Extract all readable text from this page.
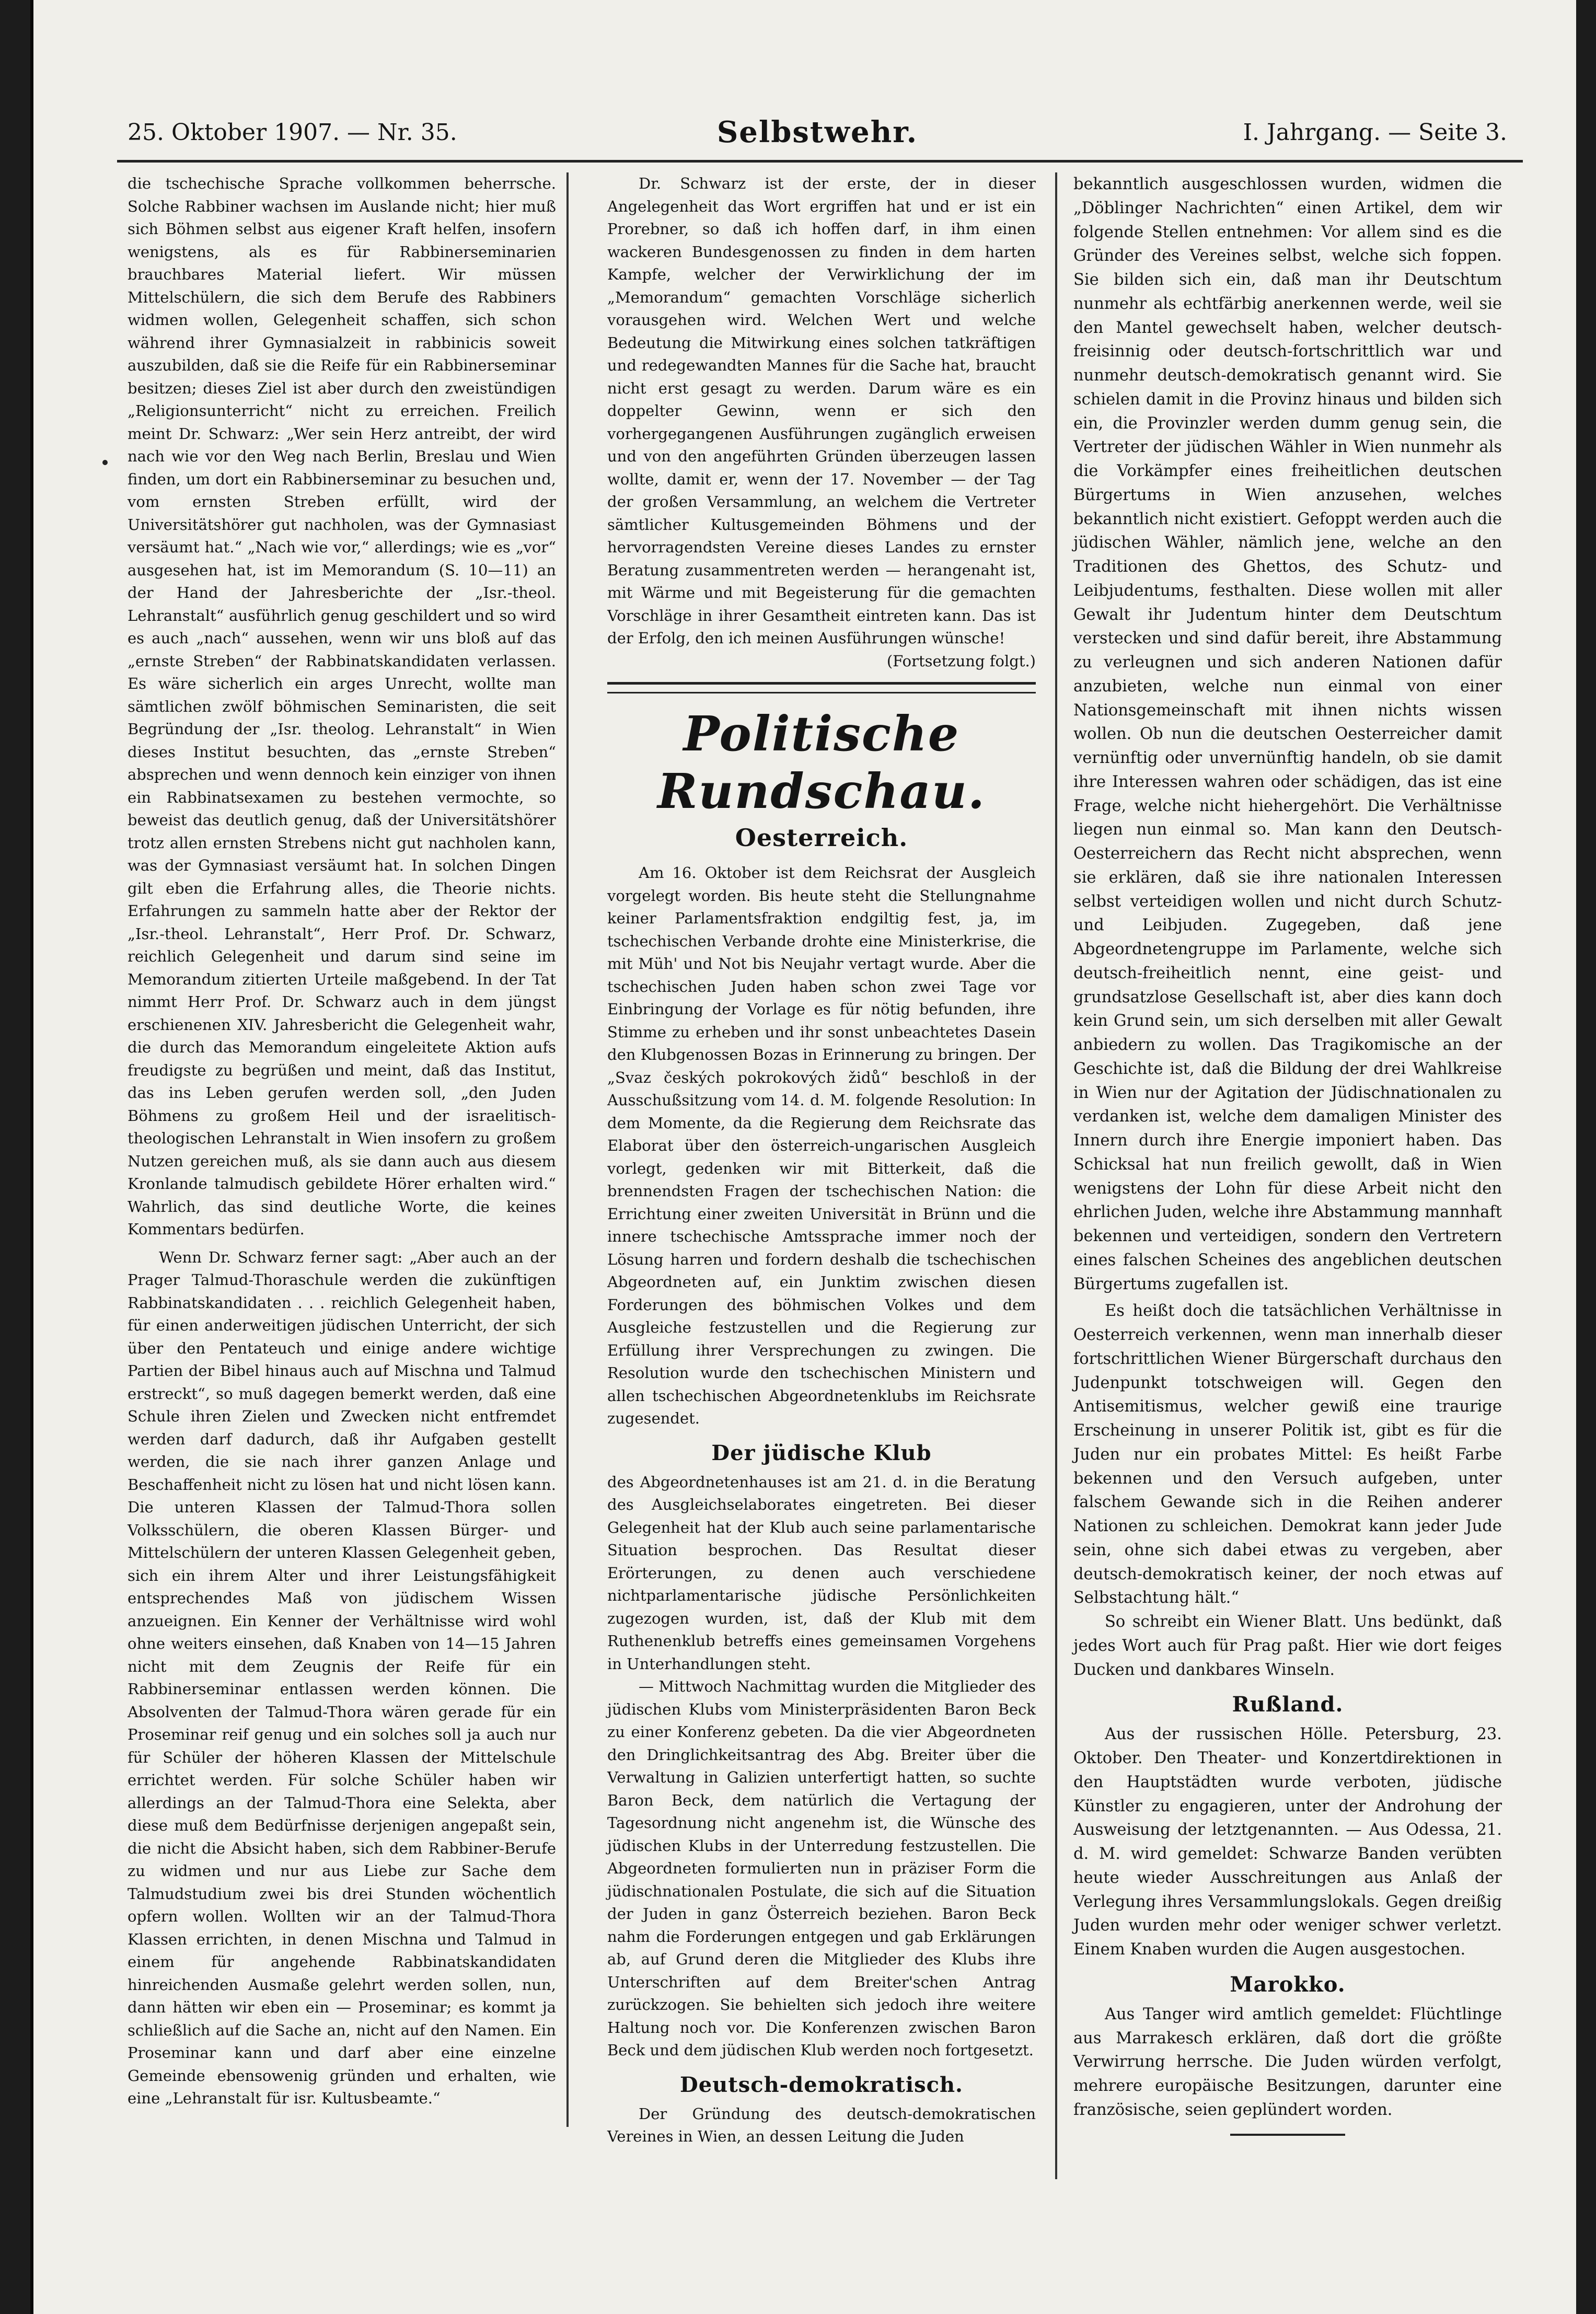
25. Oktober 1907. — Nr. 35.	Selbstwehr.	I. Jahrgang. — Seite 3.

die tschechische Sprache vollkommen beherrsche. Solche Rabbiner wachsen im Auslande nicht; hier muß sich Böhmen selbst aus eigener Kraft helfen, insofern wenigstens, als es für Rabbinerseminarien brauchbares Material liefert. Wir müssen Mittelschülern, die sich dem Berufe des Rabbiners widmen wollen, Gelegenheit schaffen, sich schon während ihrer Gymnasialzeit in rabbinicis soweit auszubilden, daß sie die Reife für ein Rabbinerseminar besitzen; dieses Ziel ist aber durch den zweistündigen „Religionsunterricht“ nicht zu erreichen. Freilich meint Dr. Schwarz: „Wer sein Herz antreibt, der wird nach wie vor den Weg nach Berlin, Breslau und Wien finden, um dort ein Rabbinerseminar zu besuchen und, vom ernsten Streben erfüllt, wird der Universitätshörer gut nachholen, was der Gymnasiast versäumt hat.“ „Nach wie vor,“ allerdings; wie es „vor“ ausgesehen hat, ist im Memorandum (S. 10—11) an der Hand der Jahresberichte der „Isr.-theol. Lehranstalt“ ausführlich genug geschildert und so wird es auch „nach“ aussehen, wenn wir uns bloß auf das „ernste Streben“ der Rabbinatskandidaten verlassen. Es wäre sicherlich ein arges Unrecht, wollte man sämtlichen zwölf böhmischen Seminaristen, die seit Begründung der „Isr. theolog. Lehranstalt“ in Wien dieses Institut besuchten, das „ernste Streben“ absprechen und wenn dennoch kein einziger von ihnen ein Rabbinatsexamen zu bestehen vermochte, so beweist das deutlich genug, daß der Universitätshörer trotz allen ernsten Strebens nicht gut nachholen kann, was der Gymnasiast versäumt hat. In solchen Dingen gilt eben die Erfahrung alles, die Theorie nichts. Erfahrungen zu sammeln hatte aber der Rektor der „Isr.-theol. Lehranstalt“, Herr Prof. Dr. Schwarz, reichlich Gelegenheit und darum sind seine im Memorandum zitierten Urteile maßgebend. In der Tat nimmt Herr Prof. Dr. Schwarz auch in dem jüngst erschienenen XIV. Jahresbericht die Gelegenheit wahr, die durch das Memorandum eingeleitete Aktion aufs freudigste zu begrüßen und meint, daß das Institut, das ins Leben gerufen werden soll, „den Juden Böhmens zu großem Heil und der israelitisch-theologischen Lehranstalt in Wien insofern zu großem Nutzen gereichen muß, als sie dann auch aus diesem Kronlande talmudisch gebildete Hörer erhalten wird.“ Wahrlich, das sind deutliche Worte, die keines Kommentars bedürfen.

Wenn Dr. Schwarz ferner sagt: „Aber auch an der Prager Talmud-Thoraschule werden die zukünftigen Rabbinatskandidaten . . . reichlich Gelegenheit haben, für einen anderweitigen jüdischen Unterricht, der sich über den Pentateuch und einige andere wichtige Partien der Bibel hinaus auch auf Mischna und Talmud erstreckt“, so muß dagegen bemerkt werden, daß eine Schule ihren Zielen und Zwecken nicht entfremdet werden darf dadurch, daß ihr Aufgaben gestellt werden, die sie nach ihrer ganzen Anlage und Beschaffenheit nicht zu lösen hat und nicht lösen kann. Die unteren Klassen der Talmud-Thora sollen Volksschülern, die oberen Klassen Bürger- und Mittelschülern der unteren Klassen Gelegenheit geben, sich ein ihrem Alter und ihrer Leistungsfähigkeit entsprechendes Maß von jüdischem Wissen anzueignen. Ein Kenner der Verhältnisse wird wohl ohne weiters einsehen, daß Knaben von 14—15 Jahren nicht mit dem Zeugnis der Reife für ein Rabbinerseminar entlassen werden können. Die Absolventen der Talmud-Thora wären gerade für ein Proseminar reif genug und ein solches soll ja auch nur für Schüler der höheren Klassen der Mittelschule errichtet werden. Für solche Schüler haben wir allerdings an der Talmud-Thora eine Selekta, aber diese muß dem Bedürfnisse derjenigen angepaßt sein, die nicht die Absicht haben, sich dem Rabbiner-Berufe zu widmen und nur aus Liebe zur Sache dem Talmudstudium zwei bis drei Stunden wöchentlich opfern wollen. Wollten wir an der Talmud-Thora Klassen errichten, in denen Mischna und Talmud in einem für angehende Rabbinatskandidaten hinreichenden Ausmaße gelehrt werden sollen, nun, dann hätten wir eben ein — Proseminar; es kommt ja schließlich auf die Sache an, nicht auf den Namen. Ein Proseminar kann und darf aber eine einzelne Gemeinde ebensowenig gründen und erhalten, wie eine „Lehranstalt für isr. Kultusbeamte.“

Dr. Schwarz ist der erste, der in dieser Angelegenheit das Wort ergriffen hat und er ist ein Prorebner, so daß ich hoffen darf, in ihm einen wackeren Bundesgenossen zu finden in dem harten Kampfe, welcher der Verwirklichung der im „Memorandum“ gemachten Vorschläge sicherlich vorausgehen wird. Welchen Wert und welche Bedeutung die Mitwirkung eines solchen tatkräftigen und redegewandten Mannes für die Sache hat, braucht nicht erst gesagt zu werden. Darum wäre es ein doppelter Gewinn, wenn er sich den vorhergegangenen Ausführungen zugänglich erweisen und von den angeführten Gründen überzeugen lassen wollte, damit er, wenn der 17. November — der Tag der großen Versammlung, an welchem die Vertreter sämtlicher Kultusgemeinden Böhmens und der hervorragendsten Vereine dieses Landes zu ernster Beratung zusammentreten werden — herangenaht ist, mit Wärme und mit Begeisterung für die gemachten Vorschläge in ihrer Gesamtheit eintreten kann. Das ist der Erfolg, den ich meinen Ausführungen wünsche!

(Fortsetzung folgt.)

Politische Rundschau.
Oesterreich.

Am 16. Oktober ist dem Reichsrat der Ausgleich vorgelegt worden. Bis heute steht die Stellungnahme keiner Parlamentsfraktion endgiltig fest, ja, im tschechischen Verbande drohte eine Ministerkrise, die mit Müh' und Not bis Neujahr vertagt wurde. Aber die tschechischen Juden haben schon zwei Tage vor Einbringung der Vorlage es für nötig befunden, ihre Stimme zu erheben und ihr sonst unbeachtetes Dasein den Klubgenossen Bozas in Erinnerung zu bringen. Der „Svaz českých pokrokových židů“ beschloß in der Ausschußsitzung vom 14. d. M. folgende Resolution: In dem Momente, da die Regierung dem Reichsrate das Elaborat über den österreich-ungarischen Ausgleich vorlegt, gedenken wir mit Bitterkeit, daß die brennendsten Fragen der tschechischen Nation: die Errichtung einer zweiten Universität in Brünn und die innere tschechische Amtssprache immer noch der Lösung harren und fordern deshalb die tschechischen Abgeordneten auf, ein Junktim zwischen diesen Forderungen des böhmischen Volkes und dem Ausgleiche festzustellen und die Regierung zur Erfüllung ihrer Versprechungen zu zwingen. Die Resolution wurde den tschechischen Ministern und allen tschechischen Abgeordnetenklubs im Reichsrate zugesendet.

Der jüdische Klub

des Abgeordnetenhauses ist am 21. d. in die Beratung des Ausgleichselaborates eingetreten. Bei dieser Gelegenheit hat der Klub auch seine parlamentarische Situation besprochen. Das Resultat dieser Erörterungen, zu denen auch verschiedene nichtparlamentarische jüdische Persönlichkeiten zugezogen wurden, ist, daß der Klub mit dem Ruthenenklub betreffs eines gemeinsamen Vorgehens in Unterhandlungen steht.

— Mittwoch Nachmittag wurden die Mitglieder des jüdischen Klubs vom Ministerpräsidenten Baron Beck zu einer Konferenz gebeten. Da die vier Abgeordneten den Dringlichkeitsantrag des Abg. Breiter über die Verwaltung in Galizien unterfertigt hatten, so suchte Baron Beck, dem natürlich die Vertagung der Tagesordnung nicht angenehm ist, die Wünsche des jüdischen Klubs in der Unterredung festzustellen. Die Abgeordneten formulierten nun in präziser Form die jüdischnationalen Postulate, die sich auf die Situation der Juden in ganz Österreich beziehen. Baron Beck nahm die Forderungen entgegen und gab Erklärungen ab, auf Grund deren die Mitglieder des Klubs ihre Unterschriften auf dem Breiter'schen Antrag zurückzogen. Sie behielten sich jedoch ihre weitere Haltung noch vor. Die Konferenzen zwischen Baron Beck und dem jüdischen Klub werden noch fortgesetzt.

Deutsch-demokratisch.

Der Gründung des deutsch-demokratischen Vereines in Wien, an dessen Leitung die Juden

bekanntlich ausgeschlossen wurden, widmen die „Döblinger Nachrichten“ einen Artikel, dem wir folgende Stellen entnehmen: Vor allem sind es die Gründer des Vereines selbst, welche sich foppen. Sie bilden sich ein, daß man ihr Deutschtum nunmehr als echtfärbig anerkennen werde, weil sie den Mantel gewechselt haben, welcher deutsch-freisinnig oder deutsch-fortschrittlich war und nunmehr deutsch-demokratisch genannt wird. Sie schielen damit in die Provinz hinaus und bilden sich ein, die Provinzler werden dumm genug sein, die Vertreter der jüdischen Wähler in Wien nunmehr als die Vorkämpfer eines freiheitlichen deutschen Bürgertums in Wien anzusehen, welches bekanntlich nicht existiert. Gefoppt werden auch die jüdischen Wähler, nämlich jene, welche an den Traditionen des Ghettos, des Schutz- und Leibjudentums, festhalten. Diese wollen mit aller Gewalt ihr Judentum hinter dem Deutschtum verstecken und sind dafür bereit, ihre Abstammung zu verleugnen und sich anderen Nationen dafür anzubieten, welche nun einmal von einer Nationsgemeinschaft mit ihnen nichts wissen wollen. Ob nun die deutschen Oesterreicher damit vernünftig oder unvernünftig handeln, ob sie damit ihre Interessen wahren oder schädigen, das ist eine Frage, welche nicht hiehergehört. Die Verhältnisse liegen nun einmal so. Man kann den Deutsch-Oesterreichern das Recht nicht absprechen, wenn sie erklären, daß sie ihre nationalen Interessen selbst verteidigen wollen und nicht durch Schutz- und Leibjuden. Zugegeben, daß jene Abgeordnetengruppe im Parlamente, welche sich deutsch-freiheitlich nennt, eine geist- und grundsatzlose Gesellschaft ist, aber dies kann doch kein Grund sein, um sich derselben mit aller Gewalt anbiedern zu wollen. Das Tragikomische an der Geschichte ist, daß die Bildung der drei Wahlkreise in Wien nur der Agitation der Jüdischnationalen zu verdanken ist, welche dem damaligen Minister des Innern durch ihre Energie imponiert haben. Das Schicksal hat nun freilich gewollt, daß in Wien wenigstens der Lohn für diese Arbeit nicht den ehrlichen Juden, welche ihre Abstammung mannhaft bekennen und verteidigen, sondern den Vertretern eines falschen Scheines des angeblichen deutschen Bürgertums zugefallen ist.

Es heißt doch die tatsächlichen Verhältnisse in Oesterreich verkennen, wenn man innerhalb dieser fortschrittlichen Wiener Bürgerschaft durchaus den Judenpunkt totschweigen will. Gegen den Antisemitismus, welcher gewiß eine traurige Erscheinung in unserer Politik ist, gibt es für die Juden nur ein probates Mittel: Es heißt Farbe bekennen und den Versuch aufgeben, unter falschem Gewande sich in die Reihen anderer Nationen zu schleichen. Demokrat kann jeder Jude sein, ohne sich dabei etwas zu vergeben, aber deutsch-demokratisch keiner, der noch etwas auf Selbstachtung hält.“

So schreibt ein Wiener Blatt. Uns bedünkt, daß jedes Wort auch für Prag paßt. Hier wie dort feiges Ducken und dankbares Winseln.

Rußland.

Aus der russischen Hölle. Petersburg, 23. Oktober. Den Theater- und Konzertdirektionen in den Hauptstädten wurde verboten, jüdische Künstler zu engagieren, unter der Androhung der Ausweisung der letztgenannten. — Aus Odessa, 21. d. M. wird gemeldet: Schwarze Banden verübten heute wieder Ausschreitungen aus Anlaß der Verlegung ihres Versammlungslokals. Gegen dreißig Juden wurden mehr oder weniger schwer verletzt. Einem Knaben wurden die Augen ausgestochen.

Marokko.

Aus Tanger wird amtlich gemeldet: Flüchtlinge aus Marrakesch erklären, daß dort die größte Verwirrung herrsche. Die Juden würden verfolgt, mehrere europäische Besitzungen, darunter eine französische, seien geplündert worden.
